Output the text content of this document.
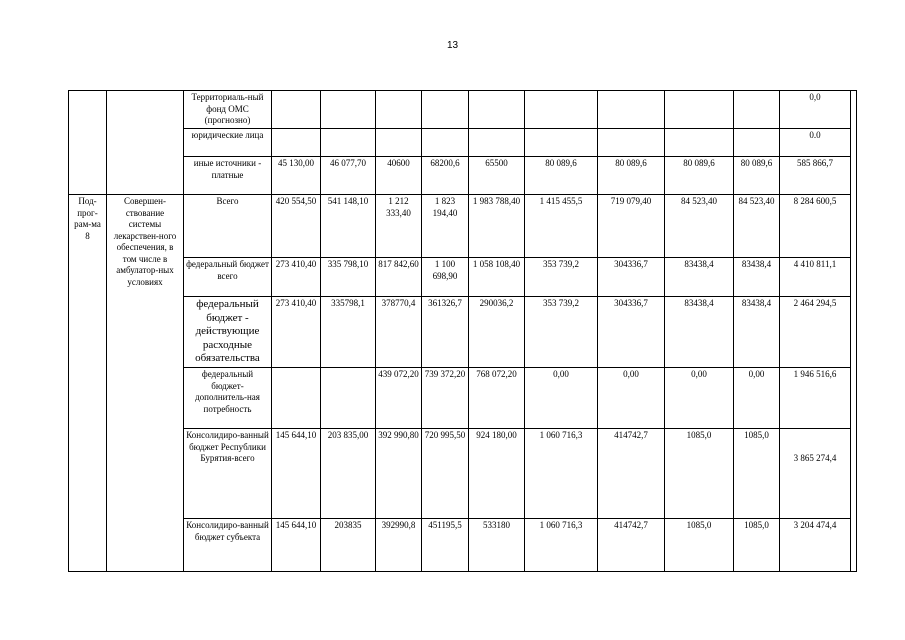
13
		Территориаль-ный фонд ОМС (прогнозно)										0,0	
		юридические лица										0.0	
		иные источники - платные	45 130,00	46 077,70	40600	68200,6	65500	80 089,6	80 089,6	80 089,6	80 089,6	585 866,7	
Под-прог-рам-ма 8	Совершен-ствование системы лекарствен-ного обеспечения, в том числе в амбулатор-ных условиях	Всего	420 554,50	541 148,10	1 212 333,40	1 823 194,40	1 983 788,40	1 415 455,5	719 079,40	84 523,40	84 523,40	8 284 600,5	
		федеральный бюджет всего	273 410,40	335 798,10	817 842,60	1 100 698,90	1 058 108,40	353 739,2	304336,7	83438,4	83438,4	4 410 811,1	
		федеральный бюджет - действующие расходные обязательства	273 410,40	335798,1	378770,4	361326,7	290036,2	353 739,2	304336,7	83438,4	83438,4	2 464 294,5	
		федеральный бюджет-дополнитель-ная потребность			439 072,20	739 372,20	768 072,20	0,00	0,00	0,00	0,00	1 946 516,6	
		Консолидиро-ванный бюджет Республики Бурятия-всего	145 644,10	203 835,00	392 990,80	720 995,50	924 180,00	1 060 716,3	414742,7	1085,0	1085,0	3 865 274,4	
		Консолидиро-ванный бюджет субъекта	145 644,10	203835	392990,8	451195,5	533180	1 060 716,3	414742,7	1085,0	1085,0	3 204 474,4	
